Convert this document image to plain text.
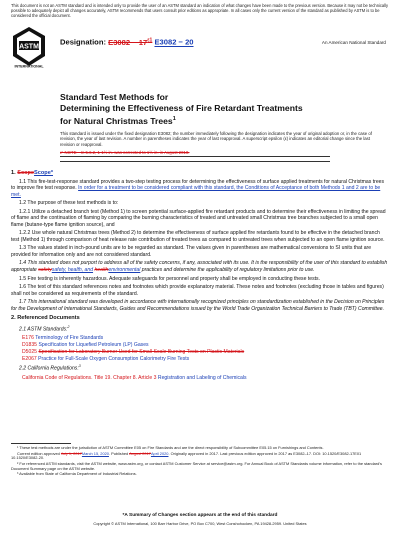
This document is not an ASTM standard and is intended only to provide the user of an ASTM standard an indication of what changes have been made to the previous version. Because it may not be technically possible to adequately depict all changes accurately, ASTM recommends that users consult prior editions as appropriate. In all cases only the current version of the standard as published by ASTM is to be considered the official document.
ASTM
INTERNATIONAL
Designation: $E3082 - 17^{\varepsilon 1}$ E3082 − 20	An American National Standard
Standard Test Methods for
Determining the Effectiveness of Fire Retardant Treatments
for Natural Christmas Trees$^1$
This standard is issued under the fixed designation E3082; the number immediately following the designation indicates the year of original adoption or, in the case of revision, the year of last revision. A number in parentheses indicates the year of last reapproval. A superscript epsilon (ε) indicates an editorial change since the last revision or reapproval.
ε¹ NOTE—In 5.6.2, 1-1½ in. was corrected to 1½ in. in August 2018.
1. ScopeScope*

1.1 This fire-test-response standard provides a two-step testing process for determining the effectiveness of surface applied treatments for natural Christmas trees to improve fire test response. In order for a treatment to be considered compliant with this standard, the Conditions of Acceptance of both Methods 1 and 2 are to be met.

1.2 The purpose of these test methods is to:

1.2.1 Utilize a detached branch test (Method 1) to screen potential surface-applied fire retardant products and to determine their effectiveness in limiting the spread of flame and the continuation of flaming by comparing the burning characteristics of treated and untreated small Christmas tree branches subjected to a small open flame (butane-type flame ignition source), and

1.2.2 Use whole natural Christmas trees (Method 2) to determine the effectiveness of surface applied fire retardants found to be effective in the detached branch test (Method 1) through comparison of heat release rate contribution of treated trees as compared to untreated trees when subjected to an open flame ignition source.

1.3 The values stated in inch-pound units are to be regarded as standard. The values given in parentheses are mathematical conversions to SI units that are provided for information only and are not considered standard.

1.4 This standard does not purport to address all of the safety concerns, if any, associated with its use. It is the responsibility of the user of this standard to establish appropriate safetysafety, health, and healthenvironmental practices and determine the applicability of regulatory limitations prior to use.

1.5 Fire testing is inherently hazardous. Adequate safeguards for personnel and property shall be employed in conducting these tests.

1.6 The text of this standard references notes and footnotes which provide explanatory material. These notes and footnotes (excluding those in tables and figures) shall not be considered as requirements of the standard.

1.7 This international standard was developed in accordance with internationally recognized principles on standardization established in the Decision on Principles for the Development of International Standards, Guides and Recommendations issued by the World Trade Organization Technical Barriers to Trade (TBT) Committee.

2. Referenced Documents

2.1 ASTM Standards:$^2$

E176 Terminology of Fire Standards

D1835 Specification for Liquefied Petroleum (LP) Gases

D5025 Specification for Laboratory Burner Used for Small-Scale Burning Tests on Plastic Materials

E2067 Practice for Full-Scale Oxygen Consumption Calorimetry Fire Tests

2.2 California Regulations:$^3$

California Code of Regulations. Title 19. Chapter 8. Article 3 Registration and Labeling of Chemicals

¹ These test methods are under the jurisdiction of ASTM Committee E05 on Fire Standards and are the direct responsibility of Subcommittee E05.15 on Furnishings and Contents.

Current edition approved July 1, 2017March 15, 2020. Published August 2017April 2020. Originally approved in 2017. Last previous edition approved in 2017 as E3082–17. DOI: 10.1520/E3082-17E01 10.1520/E3082-20.

² For referenced ASTM standards, visit the ASTM website, www.astm.org, or contact ASTM Customer Service at service@astm.org. For Annual Book of ASTM Standards volume information, refer to the standard's Document Summary page on the ASTM website.

³ Available from State of California Department of Industrial Relations.

*A Summary of Changes section appears at the end of this standard
Copyright © ASTM International, 100 Barr Harbor Drive, PO Box C700, West Conshohocken, PA 19428-2959. United States
